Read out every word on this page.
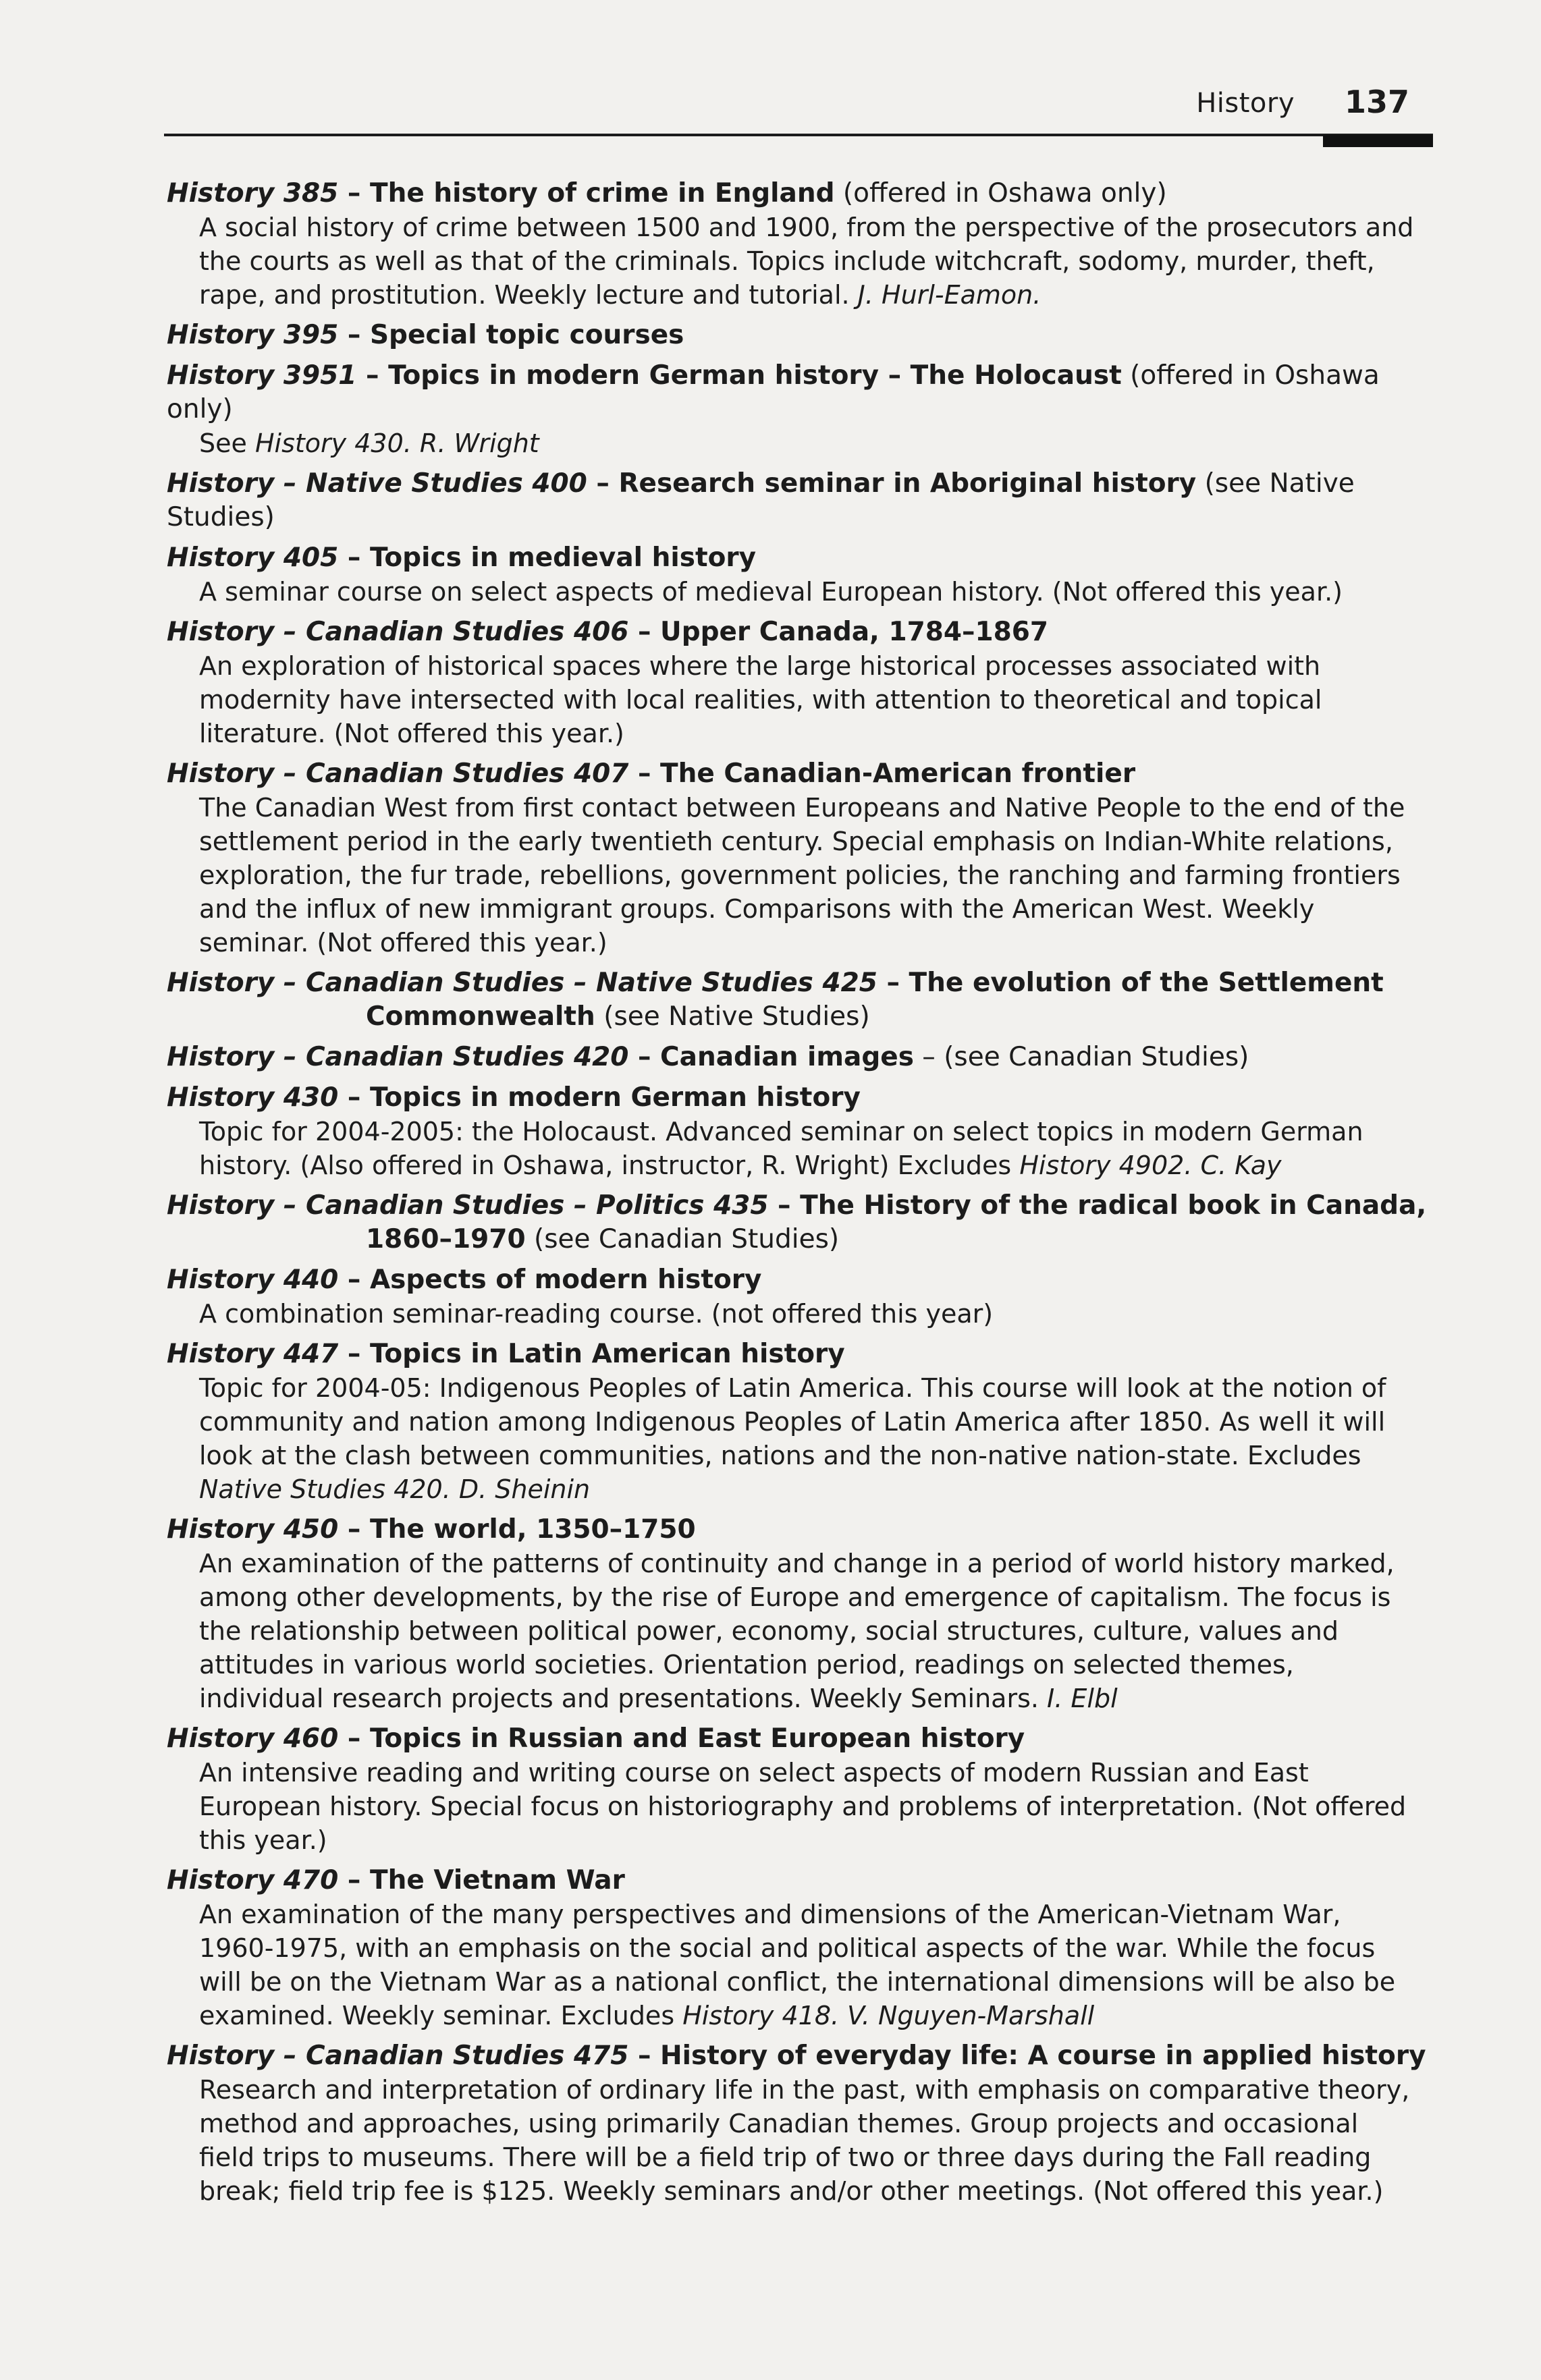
History 137
History 385 – The history of crime in England (offered in Oshawa only)
A social history of crime between 1500 and 1900, from the perspective of the prosecutors and the courts as well as that of the criminals. Topics include witchcraft, sodomy, murder, theft, rape, and prostitution. Weekly lecture and tutorial. J. Hurl-Eamon.
History 395 – Special topic courses
History 3951 – Topics in modern German history – The Holocaust (offered in Oshawa only)
See History 430. R. Wright
History – Native Studies 400 – Research seminar in Aboriginal history (see Native Studies)
History 405 – Topics in medieval history
A seminar course on select aspects of medieval European history. (Not offered this year.)
History – Canadian Studies 406 – Upper Canada, 1784–1867
An exploration of historical spaces where the large historical processes associated with modernity have intersected with local realities, with attention to theoretical and topical literature. (Not offered this year.)
History – Canadian Studies 407 – The Canadian-American frontier
The Canadian West from first contact between Europeans and Native People to the end of the settlement period in the early twentieth century. Special emphasis on Indian-White relations, exploration, the fur trade, rebellions, government policies, the ranching and farming frontiers and the influx of new immigrant groups. Comparisons with the American West. Weekly seminar. (Not offered this year.)
History – Canadian Studies – Native Studies 425 – The evolution of the Settlement
Commonwealth (see Native Studies)
History – Canadian Studies 420 – Canadian images – (see Canadian Studies)
History 430 – Topics in modern German history
Topic for 2004-2005: the Holocaust. Advanced seminar on select topics in modern German history. (Also offered in Oshawa, instructor, R. Wright) Excludes History 4902. C. Kay
History – Canadian Studies – Politics 435 – The History of the radical book in Canada,
1860–1970 (see Canadian Studies)
History 440 – Aspects of modern history
A combination seminar-reading course. (not offered this year)
History 447 – Topics in Latin American history
Topic for 2004-05: Indigenous Peoples of Latin America. This course will look at the notion of community and nation among Indigenous Peoples of Latin America after 1850. As well it will look at the clash between communities, nations and the non-native nation-state. Excludes Native Studies 420. D. Sheinin
History 450 – The world, 1350–1750
An examination of the patterns of continuity and change in a period of world history marked, among other developments, by the rise of Europe and emergence of capitalism. The focus is the relationship between political power, economy, social structures, culture, values and attitudes in various world societies. Orientation period, readings on selected themes, individual research projects and presentations. Weekly Seminars. I. Elbl
History 460 – Topics in Russian and East European history
An intensive reading and writing course on select aspects of modern Russian and East European history. Special focus on historiography and problems of interpretation. (Not offered this year.)
History 470 – The Vietnam War
An examination of the many perspectives and dimensions of the American-Vietnam War, 1960-1975, with an emphasis on the social and political aspects of the war. While the focus will be on the Vietnam War as a national conflict, the international dimensions will be also be examined. Weekly seminar. Excludes History 418. V. Nguyen-Marshall
History – Canadian Studies 475 – History of everyday life: A course in applied history
Research and interpretation of ordinary life in the past, with emphasis on comparative theory, method and approaches, using primarily Canadian themes. Group projects and occasional field trips to museums. There will be a field trip of two or three days during the Fall reading break; field trip fee is $125. Weekly seminars and/or other meetings. (Not offered this year.)
